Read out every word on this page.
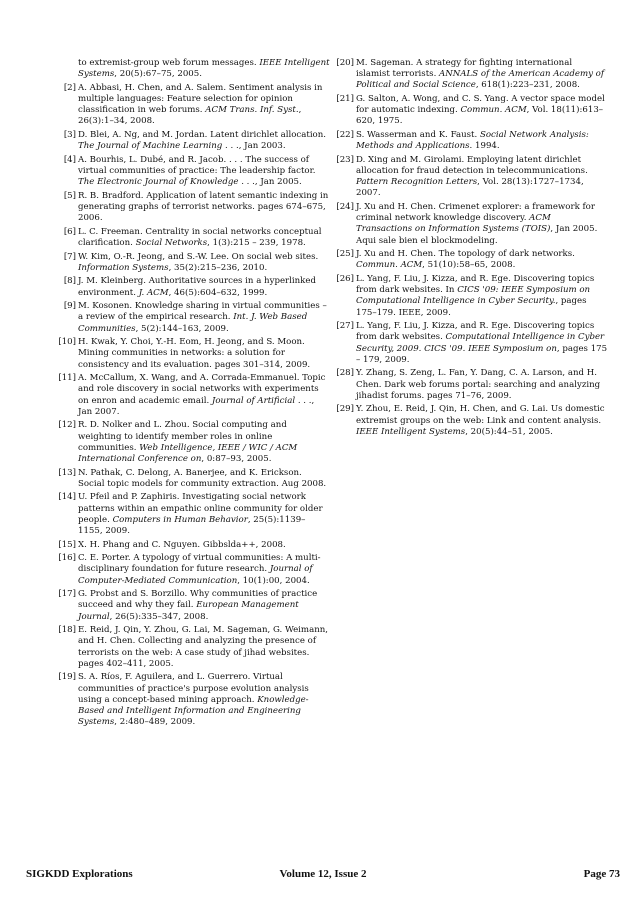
to extremist-group web forum messages. IEEE Intelligent Systems, 20(5):67–75, 2005.
[2] A. Abbasi, H. Chen, and A. Salem. Sentiment analysis in multiple languages: Feature selection for opinion classification in web forums. ACM Trans. Inf. Syst., 26(3):1–34, 2008.
[3] D. Blei, A. Ng, and M. Jordan. Latent dirichlet allocation. The Journal of Machine Learning . . ., Jan 2003.
[4] A. Bourhis, L. Dubé, and R. Jacob. . . . The success of virtual communities of practice: The leadership factor. The Electronic Journal of Knowledge . . ., Jan 2005.
[5] R. B. Bradford. Application of latent semantic indexing in generating graphs of terrorist networks. pages 674–675, 2006.
[6] L. C. Freeman. Centrality in social networks conceptual clarification. Social Networks, 1(3):215 – 239, 1978.
[7] W. Kim, O.-R. Jeong, and S.-W. Lee. On social web sites. Information Systems, 35(2):215–236, 2010.
[8] J. M. Kleinberg. Authoritative sources in a hyperlinked environment. J. ACM, 46(5):604–632, 1999.
[9] M. Kosonen. Knowledge sharing in virtual communities – a review of the empirical research. Int. J. Web Based Communities, 5(2):144–163, 2009.
[10] H. Kwak, Y. Choi, Y.-H. Eom, H. Jeong, and S. Moon. Mining communities in networks: a solution for consistency and its evaluation. pages 301–314, 2009.
[11] A. McCallum, X. Wang, and A. Corrada-Emmanuel. Topic and role discovery in social networks with experiments on enron and academic email. Journal of Artificial . . ., Jan 2007.
[12] R. D. Nolker and L. Zhou. Social computing and weighting to identify member roles in online communities. Web Intelligence, IEEE / WIC / ACM International Conference on, 0:87–93, 2005.
[13] N. Pathak, C. Delong, A. Banerjee, and K. Erickson. Social topic models for community extraction. Aug 2008.
[14] U. Pfeil and P. Zaphiris. Investigating social network patterns within an empathic online community for older people. Computers in Human Behavior, 25(5):1139–1155, 2009.
[15] X. H. Phang and C. Nguyen. Gibbslda++, 2008.
[16] C. E. Porter. A typology of virtual communities: A multi-disciplinary foundation for future research. Journal of Computer-Mediated Communication, 10(1):00, 2004.
[17] G. Probst and S. Borzillo. Why communities of practice succeed and why they fail. European Management Journal, 26(5):335–347, 2008.
[18] E. Reid, J. Qin, Y. Zhou, G. Lai, M. Sageman, G. Weimann, and H. Chen. Collecting and analyzing the presence of terrorists on the web: A case study of jihad websites. pages 402–411, 2005.
[19] S. A. Ríos, F. Aguilera, and L. Guerrero. Virtual communities of practice's purpose evolution analysis using a concept-based mining approach. Knowledge-Based and Intelligent Information and Engineering Systems, 2:480–489, 2009.
[20] M. Sageman. A strategy for fighting international islamist terrorists. ANNALS of the American Academy of Political and Social Science, 618(1):223–231, 2008.
[21] G. Salton, A. Wong, and C. S. Yang. A vector space model for automatic indexing. Commun. ACM, Vol. 18(11):613–620, 1975.
[22] S. Wasserman and K. Faust. Social Network Analysis: Methods and Applications. 1994.
[23] D. Xing and M. Girolami. Employing latent dirichlet allocation for fraud detection in telecommunications. Pattern Recognition Letters, Vol. 28(13):1727–1734, 2007.
[24] J. Xu and H. Chen. Crimenet explorer: a framework for criminal network knowledge discovery. ACM Transactions on Information Systems (TOIS), Jan 2005. Aqui sale bien el blockmodeling.
[25] J. Xu and H. Chen. The topology of dark networks. Commun. ACM, 51(10):58–65, 2008.
[26] L. Yang, F. Liu, J. Kizza, and R. Ege. Discovering topics from dark websites. In CICS '09: IEEE Symposium on Computational Intelligence in Cyber Security., pages 175–179. IEEE, 2009.
[27] L. Yang, F. Liu, J. Kizza, and R. Ege. Discovering topics from dark websites. Computational Intelligence in Cyber Security, 2009. CICS '09. IEEE Symposium on, pages 175 – 179, 2009.
[28] Y. Zhang, S. Zeng, L. Fan, Y. Dang, C. A. Larson, and H. Chen. Dark web forums portal: searching and analyzing jihadist forums. pages 71–76, 2009.
[29] Y. Zhou, E. Reid, J. Qin, H. Chen, and G. Lai. Us domestic extremist groups on the web: Link and content analysis. IEEE Intelligent Systems, 20(5):44–51, 2005.
SIGKDD Explorations	Volume 12, Issue 2	Page 73
